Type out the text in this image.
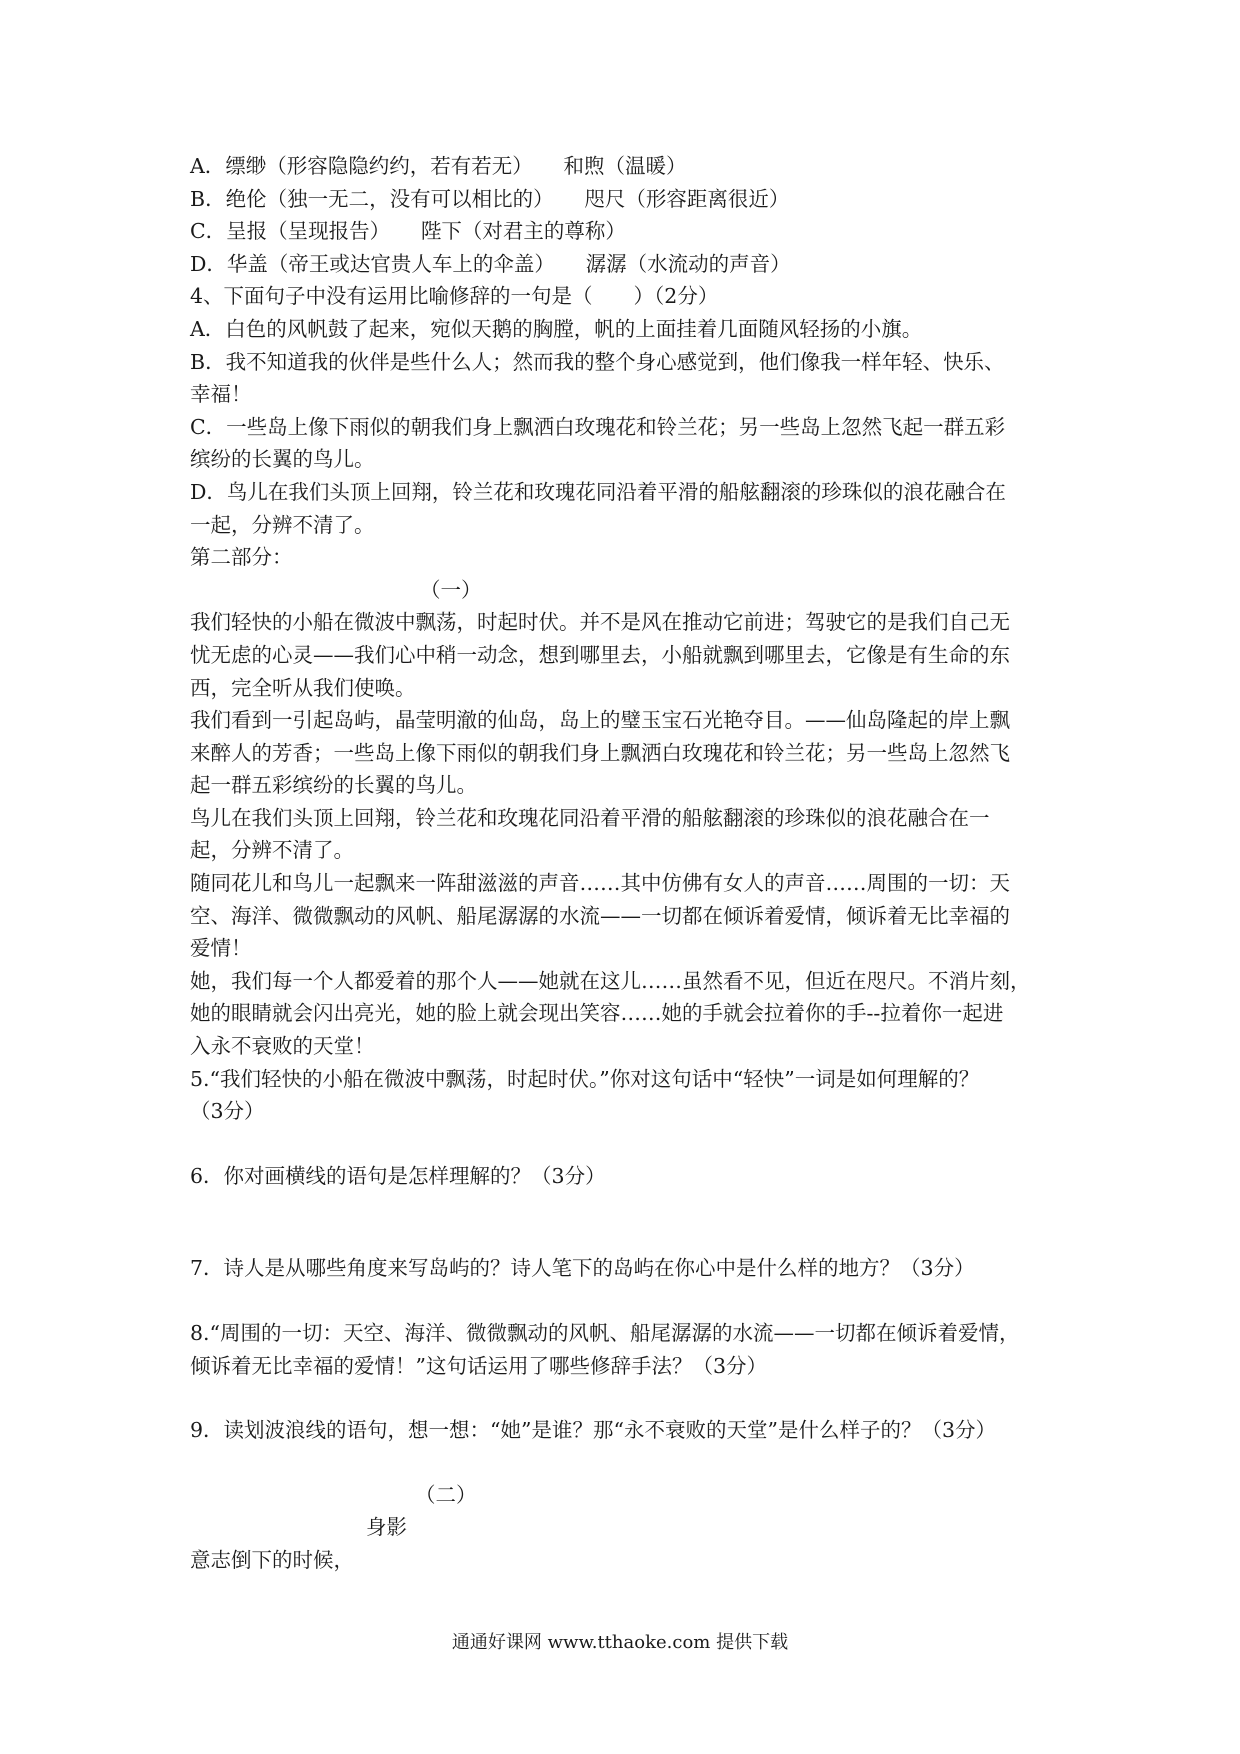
A．缥缈（形容隐隐约约，若有若无）　　和煦（温暖）
B．绝伦（独一无二，没有可以相比的）　　咫尺（形容距离很近）
C．呈报（呈现报告）　　陛下（对君主的尊称）
D．华盖（帝王或达官贵人车上的伞盖）　　潺潺（水流动的声音）
4、下面句子中没有运用比喻修辞的一句是（　　）（2分）
A．白色的风帆鼓了起来，宛似天鹅的胸膛，帆的上面挂着几面随风轻扬的小旗。
B．我不知道我的伙伴是些什么人；然而我的整个身心感觉到，他们像我一样年轻、快乐、
幸福！
C．一些岛上像下雨似的朝我们身上飘洒白玫瑰花和铃兰花；另一些岛上忽然飞起一群五彩
缤纷的长翼的鸟儿。
D．鸟儿在我们头顶上回翔，铃兰花和玫瑰花同沿着平滑的船舷翻滚的珍珠似的浪花融合在
一起，分辨不清了。
第二部分：
（一）
我们轻快的小船在微波中飘荡，时起时伏。并不是风在推动它前进；驾驶它的是我们自己无
忧无虑的心灵——我们心中稍一动念，想到哪里去，小船就飘到哪里去，它像是有生命的东
西，完全听从我们使唤。
我们看到一引起岛屿，晶莹明澈的仙岛，岛上的璧玉宝石光艳夺目。——仙岛隆起的岸上飘
来醉人的芳香；一些岛上像下雨似的朝我们身上飘洒白玫瑰花和铃兰花；另一些岛上忽然飞
起一群五彩缤纷的长翼的鸟儿。
鸟儿在我们头顶上回翔，铃兰花和玫瑰花同沿着平滑的船舷翻滚的珍珠似的浪花融合在一
起，分辨不清了。
随同花儿和鸟儿一起飘来一阵甜滋滋的声音……其中仿佛有女人的声音……周围的一切：天
空、海洋、微微飘动的风帆、船尾潺潺的水流——一切都在倾诉着爱情，倾诉着无比幸福的
爱情！
她，我们每一个人都爱着的那个人——她就在这儿……虽然看不见，但近在咫尺。不消片刻，
她的眼睛就会闪出亮光，她的脸上就会现出笑容……她的手就会拉着你的手--拉着你一起进
入永不衰败的天堂！
5.“我们轻快的小船在微波中飘荡，时起时伏。”你对这句话中“轻快”一词是如何理解的？
（3分）
6．你对画横线的语句是怎样理解的？（3分）
7．诗人是从哪些角度来写岛屿的？诗人笔下的岛屿在你心中是什么样的地方？（3分）
8.“周围的一切：天空、海洋、微微飘动的风帆、船尾潺潺的水流——一切都在倾诉着爱情，
倾诉着无比幸福的爱情！”这句话运用了哪些修辞手法？（3分）
9．读划波浪线的语句，想一想：“她”是谁？那“永不衰败的天堂”是什么样子的？（3分）
（二）
身影
意志倒下的时候，
通通好课网 www.tthaoke.com 提供下载
